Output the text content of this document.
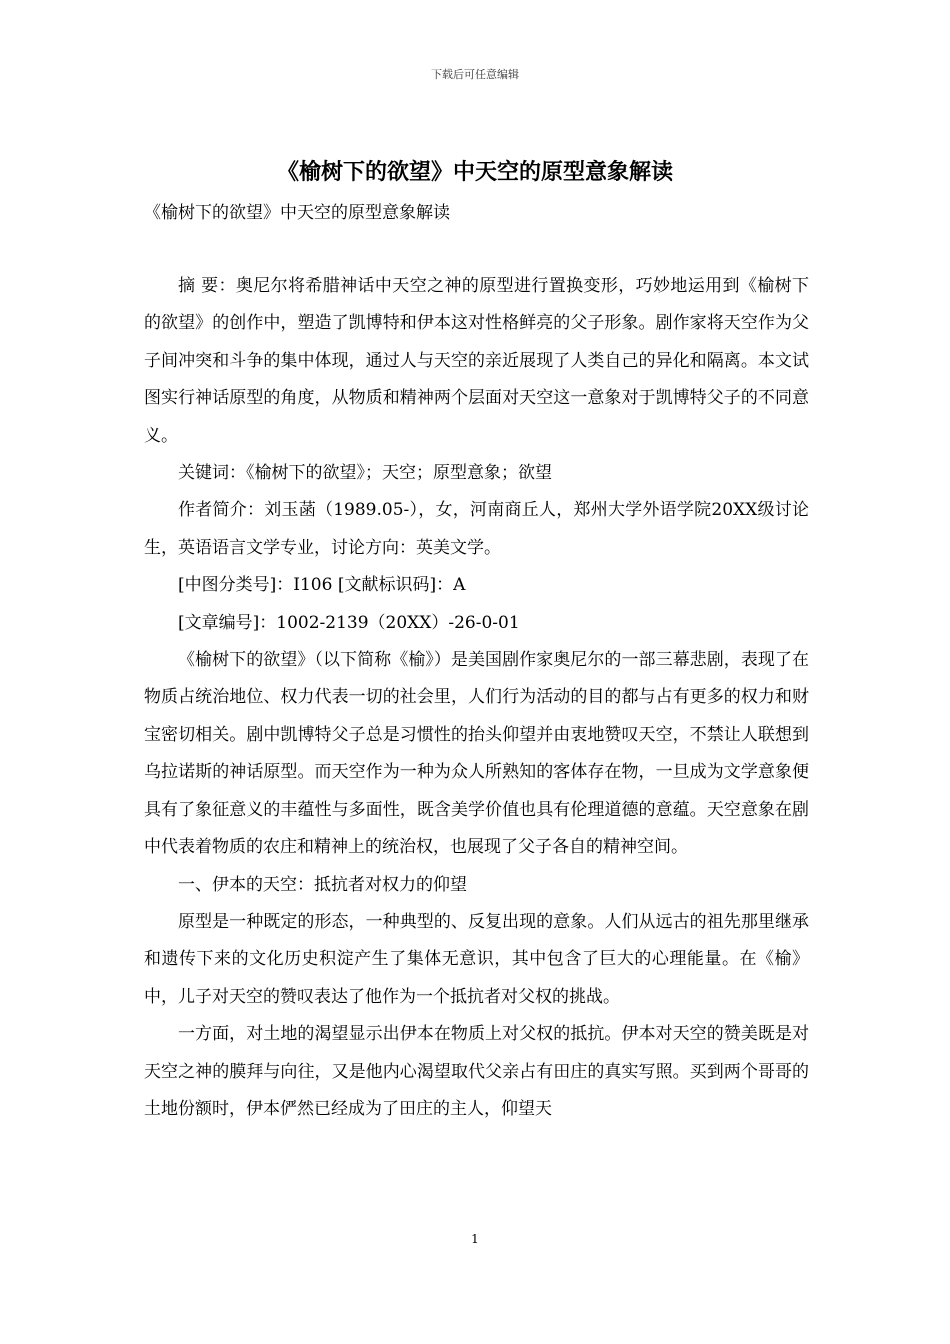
下载后可任意编辑
《榆树下的欲望》中天空的原型意象解读

《榆树下的欲望》中天空的原型意象解读

摘 要：奥尼尔将希腊神话中天空之神的原型进行置换变形，巧妙地运用到《榆树下的欲望》的创作中，塑造了凯博特和伊本这对性格鲜亮的父子形象。剧作家将天空作为父子间冲突和斗争的集中体现，通过人与天空的亲近展现了人类自己的异化和隔离。本文试图实行神话原型的角度，从物质和精神两个层面对天空这一意象对于凯博特父子的不同意义。

关键词：《榆树下的欲望》；天空；原型意象；欲望

作者简介：刘玉菡（1989.05-），女，河南商丘人，郑州大学外语学院20XX级讨论生，英语语言文学专业，讨论方向：英美文学。

[中图分类号]：I106 [文献标识码]：A

[文章编号]：1002-2139（20XX）-26-0-01

《榆树下的欲望》（以下简称《榆》）是美国剧作家奥尼尔的一部三幕悲剧，表现了在物质占统治地位、权力代表一切的社会里，人们行为活动的目的都与占有更多的权力和财宝密切相关。剧中凯博特父子总是习惯性的抬头仰望并由衷地赞叹天空，不禁让人联想到乌拉诺斯的神话原型。而天空作为一种为众人所熟知的客体存在物，一旦成为文学意象便具有了象征意义的丰蕴性与多面性，既含美学价值也具有伦理道德的意蕴。天空意象在剧中代表着物质的农庄和精神上的统治权，也展现了父子各自的精神空间。

一、伊本的天空：抵抗者对权力的仰望

原型是一种既定的形态，一种典型的、反复出现的意象。人们从远古的祖先那里继承和遗传下来的文化历史积淀产生了集体无意识，其中包含了巨大的心理能量。在《榆》中，儿子对天空的赞叹表达了他作为一个抵抗者对父权的挑战。

一方面，对土地的渴望显示出伊本在物质上对父权的抵抗。伊本对天空的赞美既是对天空之神的膜拜与向往，又是他内心渴望取代父亲占有田庄的真实写照。买到两个哥哥的土地份额时，伊本俨然已经成为了田庄的主人，仰望天

1
